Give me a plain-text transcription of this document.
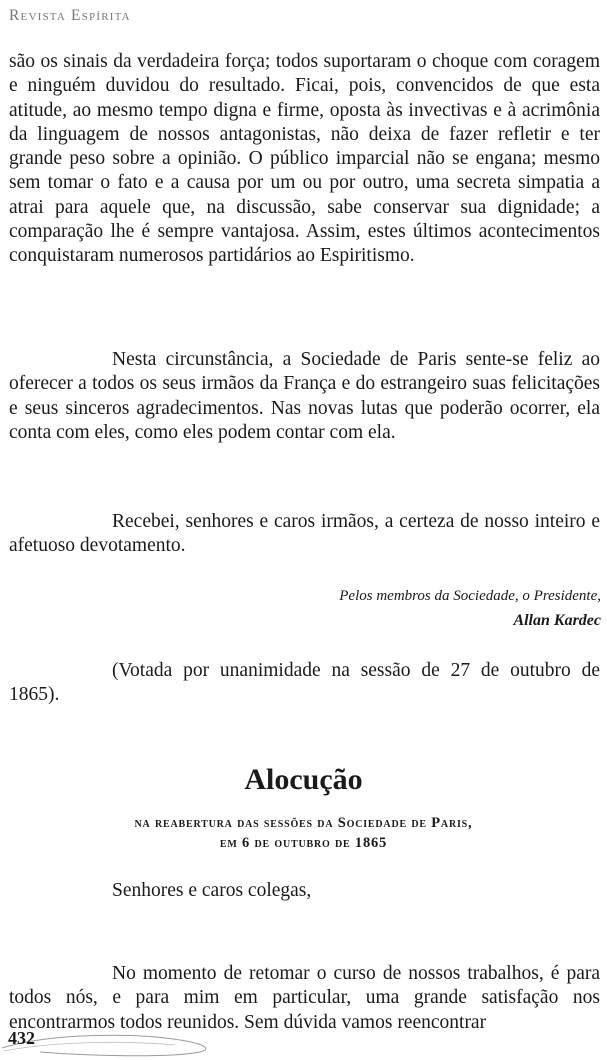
Revista Espírita

são os sinais da verdadeira força; todos suportaram o choque com coragem e ninguém duvidou do resultado. Ficai, pois, convencidos de que esta atitude, ao mesmo tempo digna e firme, oposta às invectivas e à acrimônia da linguagem de nossos antagonistas, não deixa de fazer refletir e ter grande peso sobre a opinião. O público imparcial não se engana; mesmo sem tomar o fato e a causa por um ou por outro, uma secreta simpatia a atrai para aquele que, na discussão, sabe conservar sua dignidade; a comparação lhe é sempre vantajosa. Assim, estes últimos acontecimentos conquistaram numerosos partidários ao Espiritismo.

Nesta circunstância, a Sociedade de Paris sente-se feliz ao oferecer a todos os seus irmãos da França e do estrangeiro suas felicitações e seus sinceros agradecimentos. Nas novas lutas que poderão ocorrer, ela conta com eles, como eles podem contar com ela.

Recebei, senhores e caros irmãos, a certeza de nosso inteiro e afetuoso devotamento.

Pelos membros da Sociedade, o Presidente,
Allan Kardec

(Votada por unanimidade na sessão de 27 de outubro de 1865).

Alocução
na reabertura das sessões da Sociedade de Paris,
em 6 de outubro de 1865

Senhores e caros colegas,

No momento de retomar o curso de nossos trabalhos, é para todos nós, e para mim em particular, uma grande satisfação nos encontrarmos todos reunidos. Sem dúvida vamos reencontrar

432
